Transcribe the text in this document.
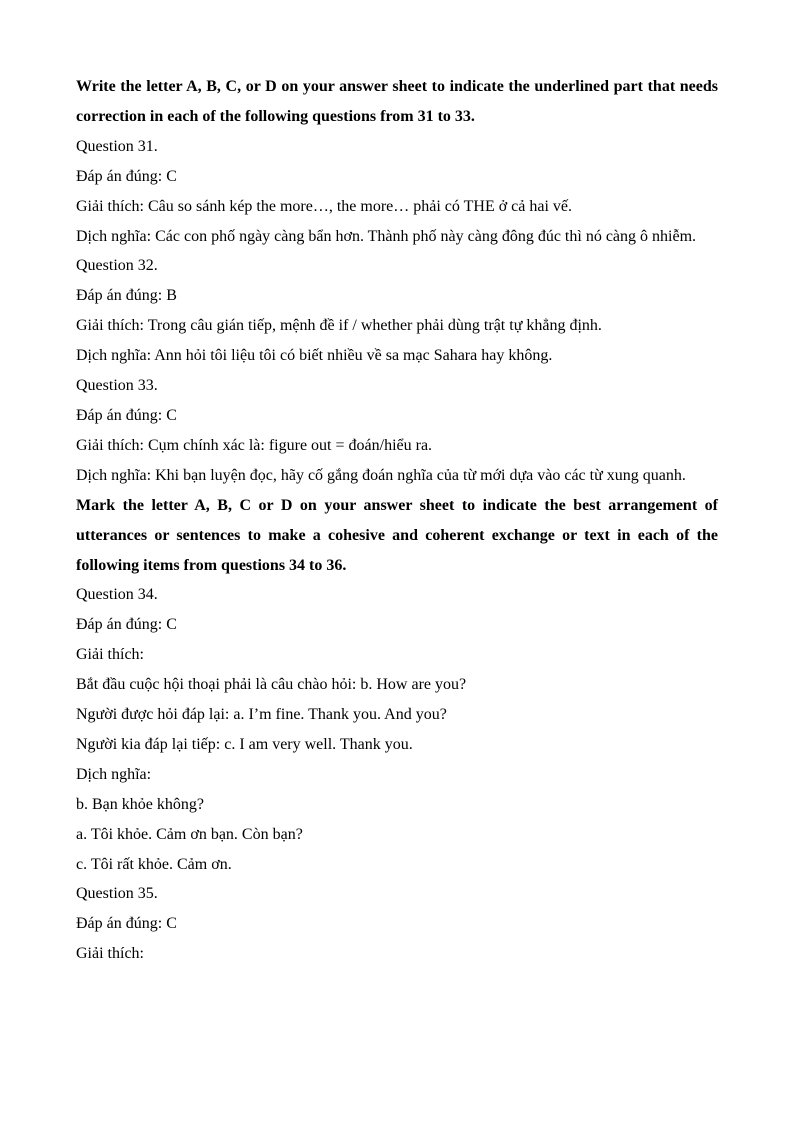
Write the letter A, B, C, or D on your answer sheet to indicate the underlined part that needs correction in each of the following questions from 31 to 33.
Question 31.
Đáp án đúng: C
Giải thích: Câu so sánh kép the more…, the more… phải có THE ở cả hai vế.
Dịch nghĩa: Các con phố ngày càng bẩn hơn. Thành phố này càng đông đúc thì nó càng ô nhiễm.
Question 32.
Đáp án đúng: B
Giải thích: Trong câu gián tiếp, mệnh đề if / whether phải dùng trật tự khẳng định.
Dịch nghĩa: Ann hỏi tôi liệu tôi có biết nhiều về sa mạc Sahara hay không.
Question 33.
Đáp án đúng: C
Giải thích: Cụm chính xác là: figure out = đoán/hiểu ra.
Dịch nghĩa: Khi bạn luyện đọc, hãy cố gắng đoán nghĩa của từ mới dựa vào các từ xung quanh.
Mark the letter A, B, C or D on your answer sheet to indicate the best arrangement of utterances or sentences to make a cohesive and coherent exchange or text in each of the following items from questions 34 to 36.
Question 34.
Đáp án đúng: C
Giải thích:
Bắt đầu cuộc hội thoại phải là câu chào hỏi: b. How are you?
Người được hỏi đáp lại: a. I’m fine. Thank you. And you?
Người kia đáp lại tiếp: c. I am very well. Thank you.
Dịch nghĩa:
b. Bạn khỏe không?
a. Tôi khỏe. Cảm ơn bạn. Còn bạn?
c. Tôi rất khỏe. Cảm ơn.
Question 35.
Đáp án đúng: C
Giải thích:
